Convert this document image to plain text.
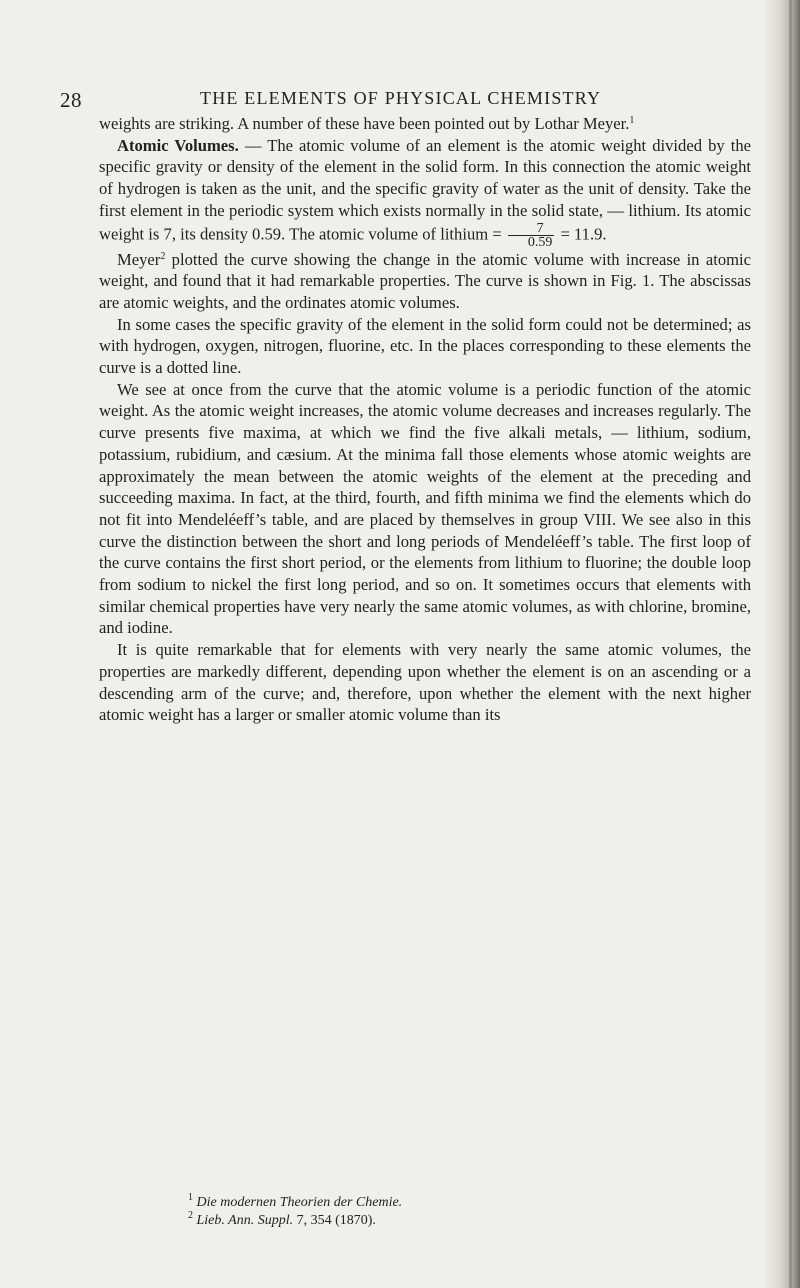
28	THE ELEMENTS OF PHYSICAL CHEMISTRY

weights are striking. A number of these have been pointed out by Lothar Meyer.$^1$

Atomic Volumes. — The atomic volume of an element is the atomic weight divided by the specific gravity or density of the element in the solid form. In this connection the atomic weight of hydrogen is taken as the unit, and the specific gravity of water as the unit of density. Take the first element in the periodic system which exists normally in the solid state, — lithium. Its atomic weight is 7, its density 0.59. The atomic volume of lithium = $\frac{7}{0.59} = 11.9$.

Meyer$^2$ plotted the curve showing the change in the atomic volume with increase in atomic weight, and found that it had remarkable properties. The curve is shown in Fig. 1. The abscissas are atomic weights, and the ordinates atomic volumes.

In some cases the specific gravity of the element in the solid form could not be determined; as with hydrogen, oxygen, nitrogen, fluorine, etc. In the places corresponding to these elements the curve is a dotted line.

We see at once from the curve that the atomic volume is a periodic function of the atomic weight. As the atomic weight increases, the atomic volume decreases and increases regularly. The curve presents five maxima, at which we find the five alkali metals, — lithium, sodium, potassium, rubidium, and cæsium. At the minima fall those elements whose atomic weights are approximately the mean between the atomic weights of the element at the preceding and succeeding maxima. In fact, at the third, fourth, and fifth minima we find the elements which do not fit into Mendeléeff’s table, and are placed by themselves in group VIII. We see also in this curve the distinction between the short and long periods of Mendeléeff’s table. The first loop of the curve contains the first short period, or the elements from lithium to fluorine; the double loop from sodium to nickel the first long period, and so on. It sometimes occurs that elements with similar chemical properties have very nearly the same atomic volumes, as with chlorine, bromine, and iodine.

It is quite remarkable that for elements with very nearly the same atomic volumes, the properties are markedly different, depending upon whether the element is on an ascending or a descending arm of the curve; and, therefore, upon whether the element with the next higher atomic weight has a larger or smaller atomic volume than its

$^1$ Die modernen Theorien der Chemie.

$^2$ Lieb. Ann. Suppl. 7, 354 (1870).
